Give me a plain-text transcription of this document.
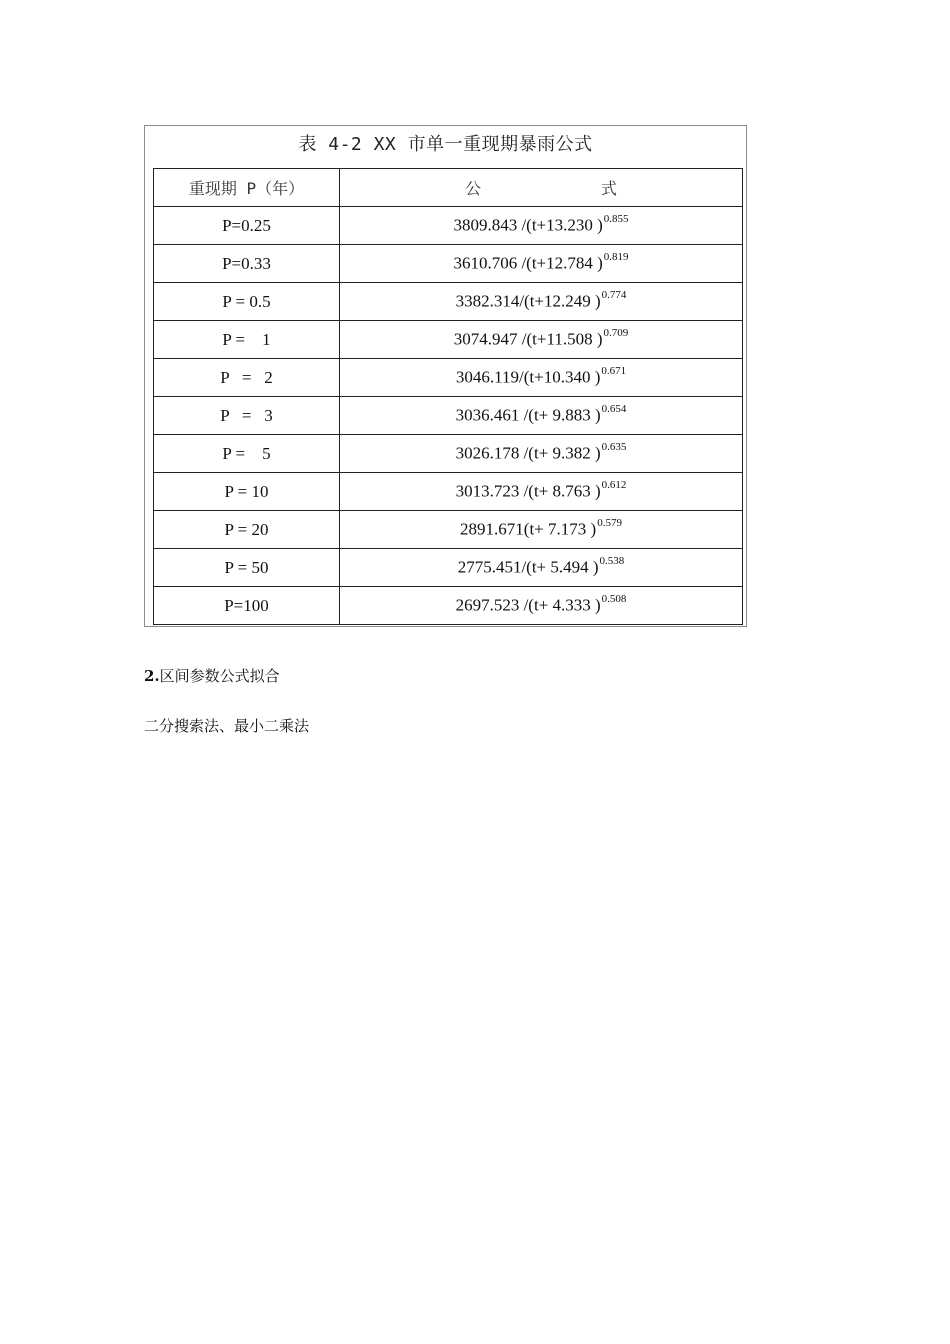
表 4-2 XX 市单一重现期暴雨公式
重现期 P（年）	公 式
P=0.25	3809.843 /(t+13.230 )$^{0.855}$
P=0.33	3610.706 /(t+12.784 )$^{0.819}$
P = 0.5	3382.314/(t+12.249 )$^{0.774}$
P =    1	3074.947 /(t+11.508 )$^{0.709}$
P   =   2	3046.119/(t+10.340 )$^{0.671}$
P   =   3	3036.461 /(t+ 9.883 )$^{0.654}$
P =    5	3026.178 /(t+ 9.382 )$^{0.635}$
P = 10	3013.723 /(t+ 8.763 )$^{0.612}$
P = 20	2891.671(t+ 7.173 )$^{0.579}$
P = 50	2775.451/(t+ 5.494 )$^{0.538}$
P=100	2697.523 /(t+ 4.333 )$^{0.508}$
2.区间参数公式拟合
二分搜索法、最小二乘法
